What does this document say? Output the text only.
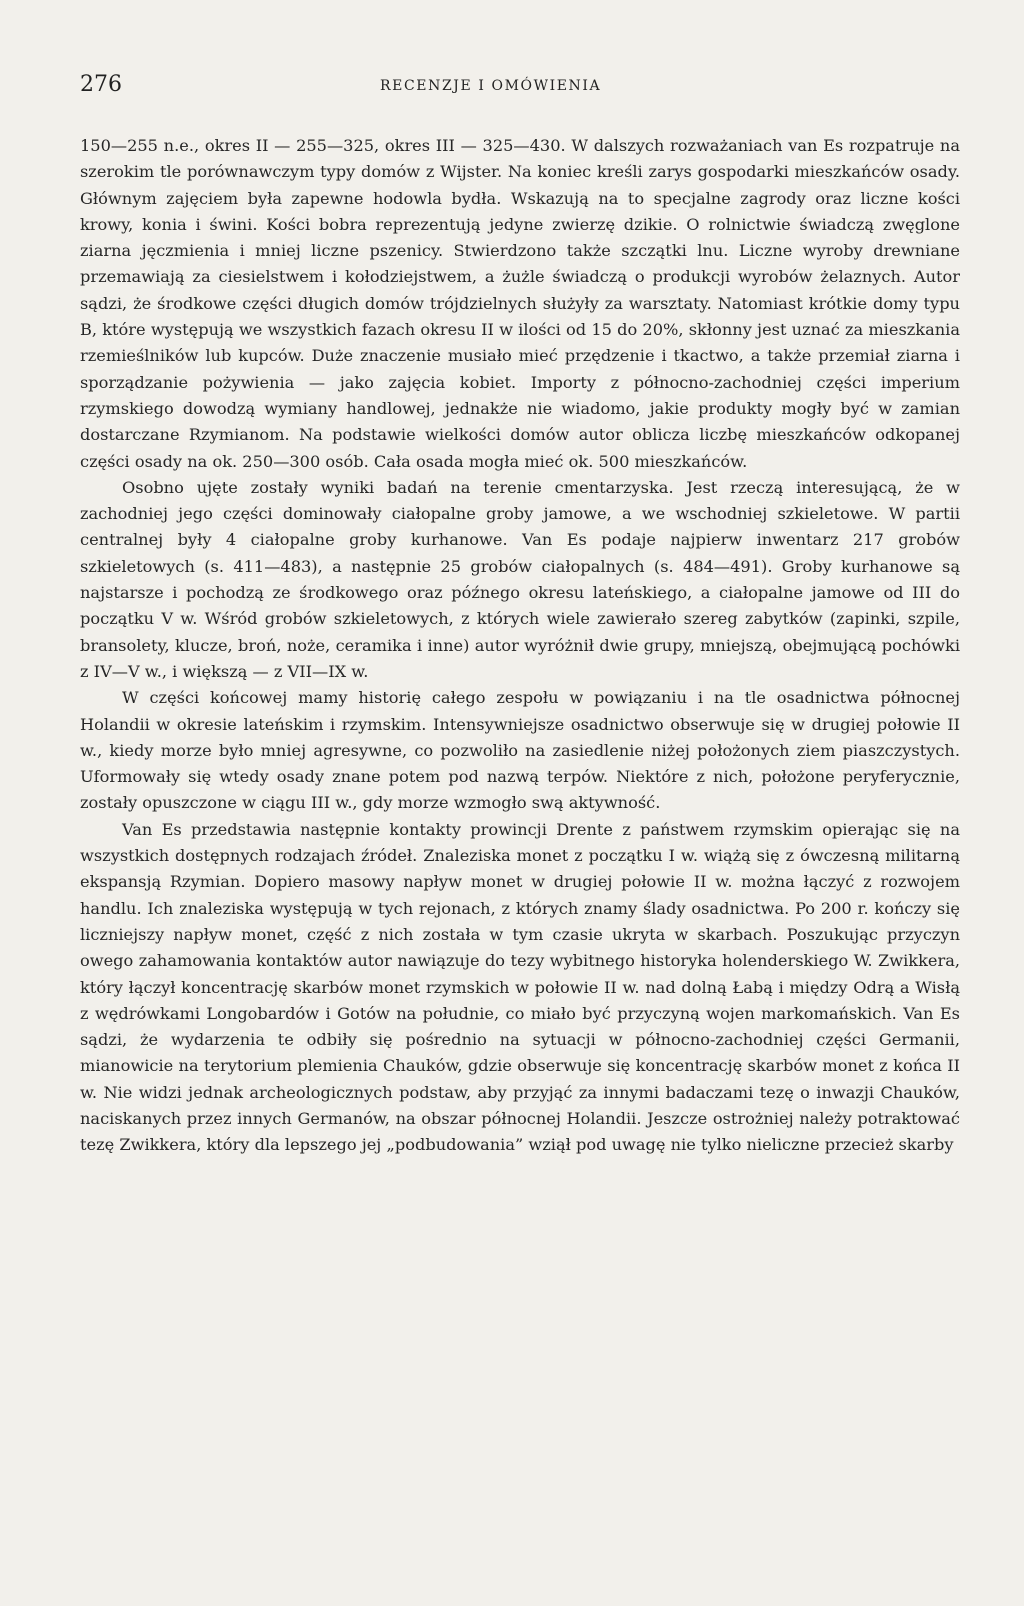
276	RECENZJE I OMÓWIENIA

150—255 n.e., okres II — 255—325, okres III — 325—430. W dalszych rozważaniach van Es rozpatruje na szerokim tle porównawczym typy domów z Wijster. Na koniec kreśli zarys gospodarki mieszkańców osady. Głównym zajęciem była zapewne hodowla bydła. Wskazują na to specjalne zagrody oraz liczne kości krowy, konia i świni. Kości bobra reprezentują jedyne zwierzę dzikie. O rolnictwie świadczą zwęglone ziarna jęczmienia i mniej liczne pszenicy. Stwierdzono także szczątki lnu. Liczne wyroby drewniane przemawiają za ciesielstwem i kołodziejstwem, a żużle świadczą o produkcji wyrobów żelaznych. Autor sądzi, że środkowe części długich domów trójdzielnych służyły za warsztaty. Natomiast krótkie domy typu B, które występują we wszystkich fazach okresu II w ilości od 15 do 20%, skłonny jest uznać za mieszkania rzemieślników lub kupców. Duże znaczenie musiało mieć przędzenie i tkactwo, a także przemiał ziarna i sporządzanie pożywienia — jako zajęcia kobiet. Importy z północno-zachodniej części imperium rzymskiego dowodzą wymiany handlowej, jednakże nie wiadomo, jakie produkty mogły być w zamian dostarczane Rzymianom. Na podstawie wielkości domów autor oblicza liczbę mieszkańców odkopanej części osady na ok. 250—300 osób. Cała osada mogła mieć ok. 500 mieszkańców.

Osobno ujęte zostały wyniki badań na terenie cmentarzyska. Jest rzeczą interesującą, że w zachodniej jego części dominowały ciałopalne groby jamowe, a we wschodniej szkieletowe. W partii centralnej były 4 ciałopalne groby kurhanowe. Van Es podaje najpierw inwentarz 217 grobów szkieletowych (s. 411—483), a następnie 25 grobów ciałopalnych (s. 484—491). Groby kurhanowe są najstarsze i pochodzą ze środkowego oraz późnego okresu lateńskiego, a ciałopalne jamowe od III do początku V w. Wśród grobów szkieletowych, z których wiele zawierało szereg zabytków (zapinki, szpile, bransolety, klucze, broń, noże, ceramika i inne) autor wyróżnił dwie grupy, mniejszą, obejmującą pochówki z IV—V w., i większą — z VII—IX w.

W części końcowej mamy historię całego zespołu w powiązaniu i na tle osadnictwa północnej Holandii w okresie lateńskim i rzymskim. Intensywniejsze osadnictwo obserwuje się w drugiej połowie II w., kiedy morze było mniej agresywne, co pozwoliło na zasiedlenie niżej położonych ziem piaszczystych. Uformowały się wtedy osady znane potem pod nazwą terpów. Niektóre z nich, położone peryferycznie, zostały opuszczone w ciągu III w., gdy morze wzmogło swą aktywność.

Van Es przedstawia następnie kontakty prowincji Drente z państwem rzymskim opierając się na wszystkich dostępnych rodzajach źródeł. Znaleziska monet z początku I w. wiążą się z ówczesną militarną ekspansją Rzymian. Dopiero masowy napływ monet w drugiej połowie II w. można łączyć z rozwojem handlu. Ich znaleziska występują w tych rejonach, z których znamy ślady osadnictwa. Po 200 r. kończy się liczniejszy napływ monet, część z nich została w tym czasie ukryta w skarbach. Poszukując przyczyn owego zahamowania kontaktów autor nawiązuje do tezy wybitnego historyka holenderskiego W. Zwikkera, który łączył koncentrację skarbów monet rzymskich w połowie II w. nad dolną Łabą i między Odrą a Wisłą z wędrówkami Longobardów i Gotów na południe, co miało być przyczyną wojen markomańskich. Van Es sądzi, że wydarzenia te odbiły się pośrednio na sytuacji w północno-zachodniej części Germanii, mianowicie na terytorium plemienia Chauków, gdzie obserwuje się koncentrację skarbów monet z końca II w. Nie widzi jednak archeologicznych podstaw, aby przyjąć za innymi badaczami tezę o inwazji Chauków, naciskanych przez innych Germanów, na obszar północnej Holandii. Jeszcze ostrożniej należy potraktować tezę Zwikkera, który dla lepszego jej „podbudowania” wziął pod uwagę nie tylko nieliczne przecież skarby
